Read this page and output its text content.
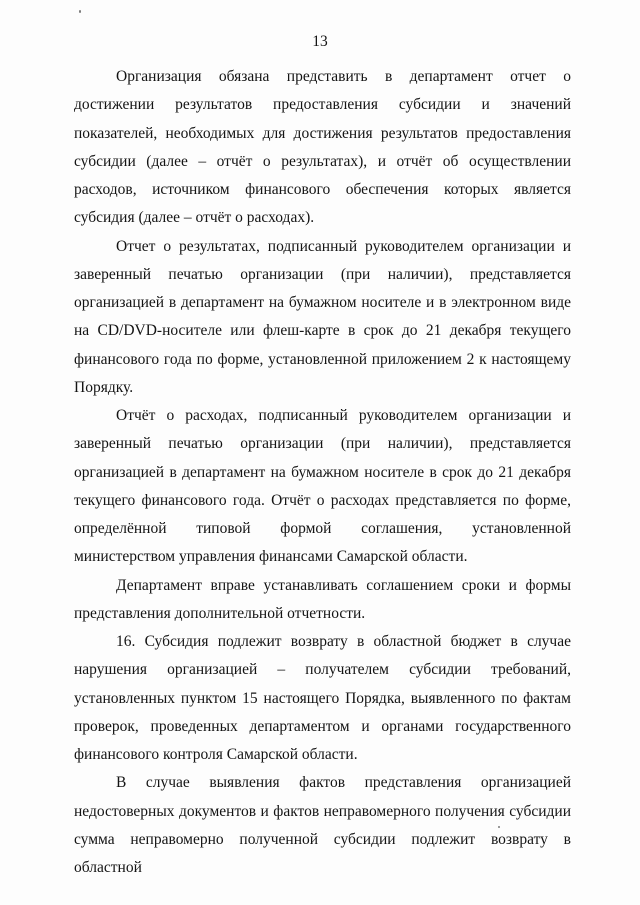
13

Организация обязана представить в департамент отчет о достижении результатов предоставления субсидии и значений показателей, необходимых для достижения результатов предоставления субсидии (далее – отчёт о результатах), и отчёт об осуществлении расходов, источником финансового обеспечения которых является субсидия (далее – отчёт о расходах).

Отчет о результатах, подписанный руководителем организации и заверенный печатью организации (при наличии), представляется организацией в департамент на бумажном носителе и в электронном виде на CD/DVD-носителе или флеш-карте в срок до 21 декабря текущего финансового года по форме, установленной приложением 2 к настоящему Порядку.

Отчёт о расходах, подписанный руководителем организации и заверенный печатью организации (при наличии), представляется организацией в департамент на бумажном носителе в срок до 21 декабря текущего финансового года. Отчёт о расходах представляется по форме, определённой типовой формой соглашения, установленной министерством управления финансами Самарской области.

Департамент вправе устанавливать соглашением сроки и формы представления дополнительной отчетности.

16. Субсидия подлежит возврату в областной бюджет в случае нарушения организацией – получателем субсидии требований, установленных пунктом 15 настоящего Порядка, выявленного по фактам проверок, проведенных департаментом и органами государственного финансового контроля Самарской области.

В случае выявления фактов представления организацией недостоверных документов и фактов неправомерного получения субсидии сумма неправомерно полученной субсидии подлежит возврату в областной
